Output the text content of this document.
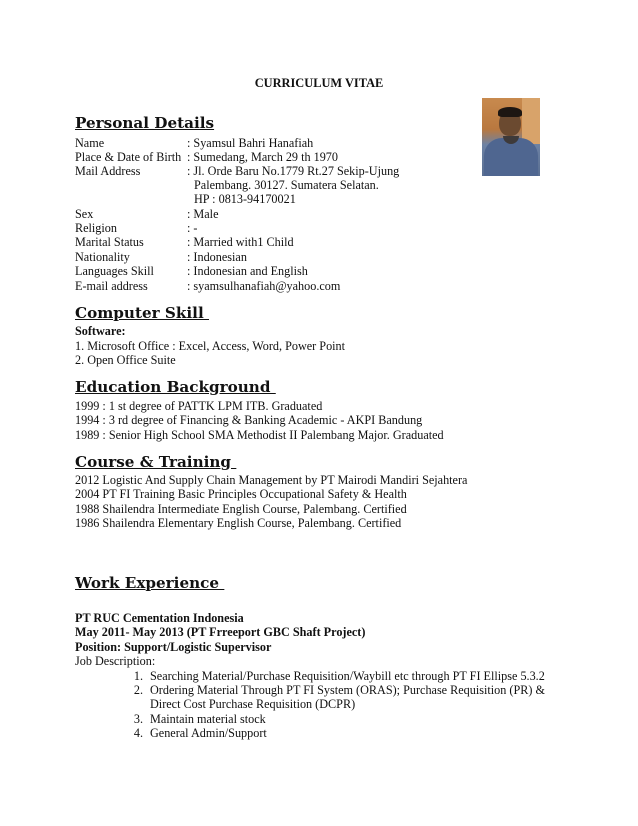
CURRICULUM VITAE
Personal Details
Name	: Syamsul Bahri Hanafiah
Place & Date of Birth : Sumedang, March 29 th 1970
Mail Address	: Jl. Orde Baru No.1779 Rt.27 Sekip-Ujung
Palembang. 30127. Sumatera Selatan.
HP : 0813-94170021
Sex	: Male
Religion	: -
Marital Status	: Married with1 Child
Nationality	: Indonesian
Languages Skill	: Indonesian and English
E-mail address	: syamsulhanafiah@yahoo.com
Computer Skill
Software:
1. Microsoft Office : Excel, Access, Word, Power Point
2. Open Office Suite
Education Background
1999 : 1 st degree of PATTK LPM ITB. Graduated
1994 : 3 rd degree of Financing & Banking Academic - AKPI Bandung
1989 : Senior High School SMA Methodist II Palembang Major. Graduated
Course & Training
2012 Logistic And Supply Chain Management by PT Mairodi Mandiri Sejahtera
2004 PT FI Training Basic Principles Occupational Safety & Health
1988 Shailendra Intermediate English Course, Palembang. Certified
1986 Shailendra Elementary English Course, Palembang. Certified
Work Experience
PT RUC Cementation Indonesia
May 2011- May 2013 (PT Frreeport GBC Shaft Project)
Position: Support/Logistic Supervisor
Job Description:
1. Searching Material/Purchase Requisition/Waybill etc through PT FI Ellipse 5.3.2
2. Ordering Material Through PT FI System (ORAS); Purchase Requisition (PR) &
Direct Cost Purchase Requisition (DCPR)
3. Maintain material stock
4. General Admin/Support
